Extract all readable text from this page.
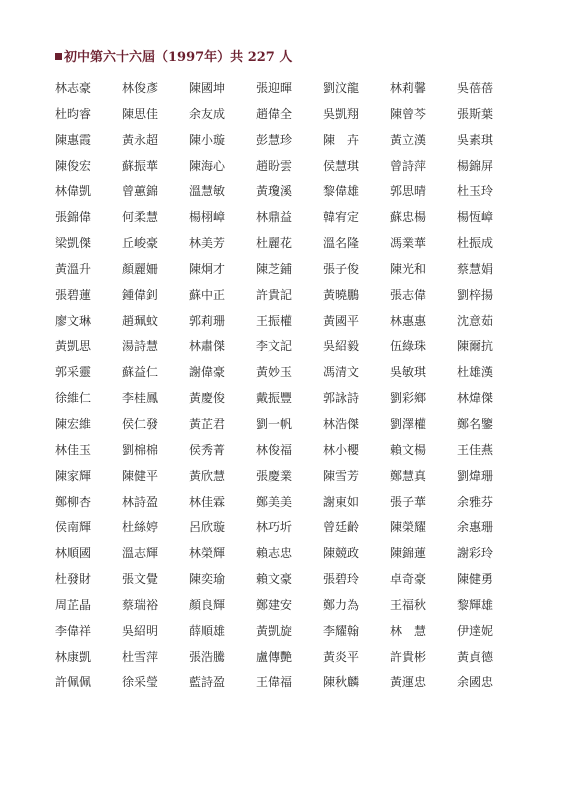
初中第六十六屆（1997年）共 227 人
林志豪	林俊彥	陳國坤	張迎暉	劉汶龍	林莉馨	吳蓓蓓
杜昀睿	陳思佳	余友成	趙偉全	吳凱翔	陳曾芩	張斯葉
陳惠霞	黃永超	陳小璇	彭慧珍	陳　卉	黃立漢	吳素琪
陳俊宏	蘇振華	陳海心	趙盼雲	侯慧琪	曾詩萍	楊錦屏
林偉凱	曾蕙錦	溫慧敏	黃瓊溪	黎偉雄	郭思晴	杜玉玲
張錦偉	何柔慧	楊栩嶂	林鼎益	韓宥定	蘇忠楊	楊恆嶂
梁凱傑	丘峻豪	林美芳	杜麗花	溫名隆	馮業華	杜振成
黃溫升	顏麗姍	陳炯才	陳芝鋪	張子俊	陳光和	蔡慧娟
張碧蓮	鍾偉釗	蘇中正	許貴記	黃曉鵬	張志偉	劉梓揚
廖文琳	趙珮蚊	郭莉珊	王振權	黃國平	林惠惠	沈意茹
黃凱思	湯詩慧	林肅傑	李文記	吳紹毅	伍綠珠	陳爾抗
郭采靈	蘇益仁	謝偉豪	黃妙玉	馮清文	吳敏琪	杜雄漢
徐維仁	李桂鳳	黃慶俊	戴振豐	郭詠詩	劉彩鄉	林煒傑
陳宏維	侯仁發	黃芷君	劉一帆	林浩傑	劉澤權	鄭名鑒
林佳玉	劉棉棉	侯秀菁	林俊福	林小櫻	賴文楊	王佳燕
陳家輝	陳健平	黃欣慧	張慶業	陳雪芳	鄭慧真	劉煒珊
鄭柳杏	林詩盈	林佳霖	鄭美美	謝東如	張子華	余雅芬
侯南輝	杜絲婷	呂欣璇	林巧圻	曾廷齡	陳榮耀	余惠珊
林順國	溫志輝	林榮輝	賴志忠	陳競政	陳錦蓮	謝彩玲
杜發財	張文覺	陳奕瑜	賴文豪	張碧玲	卓奇豪	陳健勇
周芷晶	蔡瑞裕	顏良輝	鄭建安	鄭力為	王福秋	黎輝雄
李偉祥	吳紹明	薛順雄	黃凱旋	李耀翰	林　慧	伊達妮
林康凱	杜雪萍	張浩騰	盧傳艷	黃炎平	許貴彬	黃貞德
許佩佩	徐采瑩	藍詩盈	王偉福	陳秋麟	黃運忠	余國忠
